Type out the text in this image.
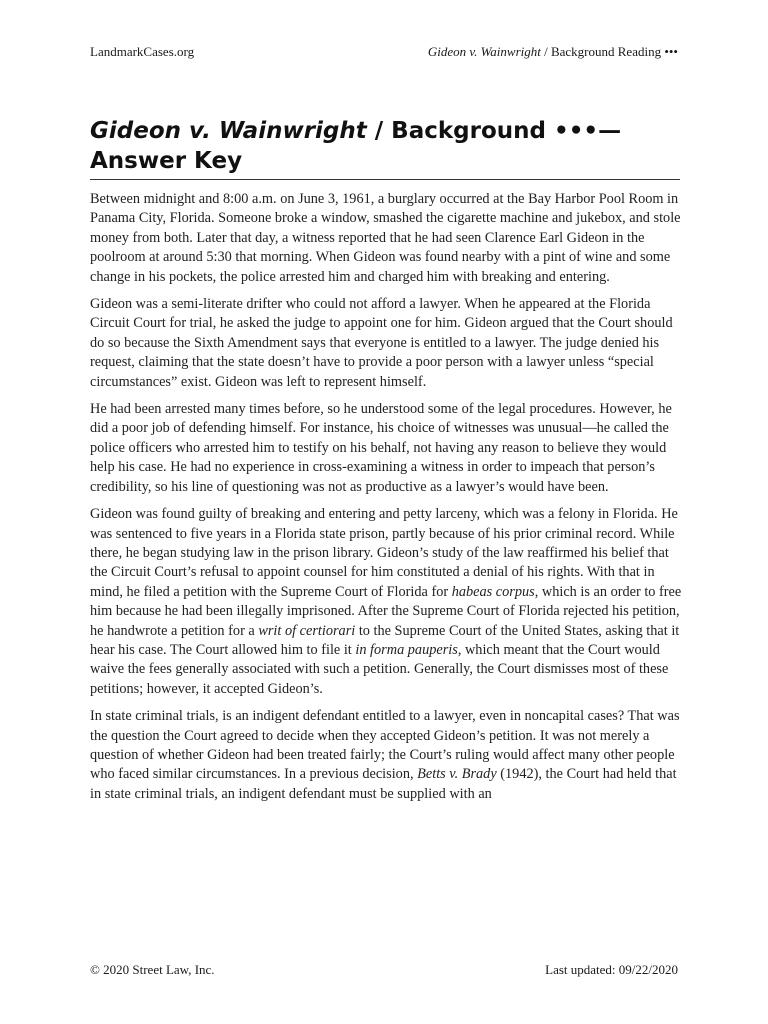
LandmarkCases.org	Gideon v. Wainwright / Background Reading •••
Gideon v. Wainwright / Background •••—Answer Key

Between midnight and 8:00 a.m. on June 3, 1961, a burglary occurred at the Bay Harbor Pool Room in Panama City, Florida. Someone broke a window, smashed the cigarette machine and jukebox, and stole money from both. Later that day, a witness reported that he had seen Clarence Earl Gideon in the poolroom at around 5:30 that morning. When Gideon was found nearby with a pint of wine and some change in his pockets, the police arrested him and charged him with breaking and entering.

Gideon was a semi-literate drifter who could not afford a lawyer. When he appeared at the Florida Circuit Court for trial, he asked the judge to appoint one for him. Gideon argued that the Court should do so because the Sixth Amendment says that everyone is entitled to a lawyer. The judge denied his request, claiming that the state doesn’t have to provide a poor person with a lawyer unless “special circumstances” exist. Gideon was left to represent himself.

He had been arrested many times before, so he understood some of the legal procedures. However, he did a poor job of defending himself. For instance, his choice of witnesses was unusual—he called the police officers who arrested him to testify on his behalf, not having any reason to believe they would help his case. He had no experience in cross-examining a witness in order to impeach that person’s credibility, so his line of questioning was not as productive as a lawyer’s would have been.

Gideon was found guilty of breaking and entering and petty larceny, which was a felony in Florida. He was sentenced to five years in a Florida state prison, partly because of his prior criminal record. While there, he began studying law in the prison library. Gideon’s study of the law reaffirmed his belief that the Circuit Court’s refusal to appoint counsel for him constituted a denial of his rights. With that in mind, he filed a petition with the Supreme Court of Florida for habeas corpus, which is an order to free him because he had been illegally imprisoned. After the Supreme Court of Florida rejected his petition, he handwrote a petition for a writ of certiorari to the Supreme Court of the United States, asking that it hear his case. The Court allowed him to file it in forma pauperis, which meant that the Court would waive the fees generally associated with such a petition. Generally, the Court dismisses most of these petitions; however, it accepted Gideon’s.

In state criminal trials, is an indigent defendant entitled to a lawyer, even in noncapital cases? That was the question the Court agreed to decide when they accepted Gideon’s petition. It was not merely a question of whether Gideon had been treated fairly; the Court’s ruling would affect many other people who faced similar circumstances. In a previous decision, Betts v. Brady (1942), the Court had held that in state criminal trials, an indigent defendant must be supplied with an

© 2020 Street Law, Inc.	Last updated: 09/22/2020
